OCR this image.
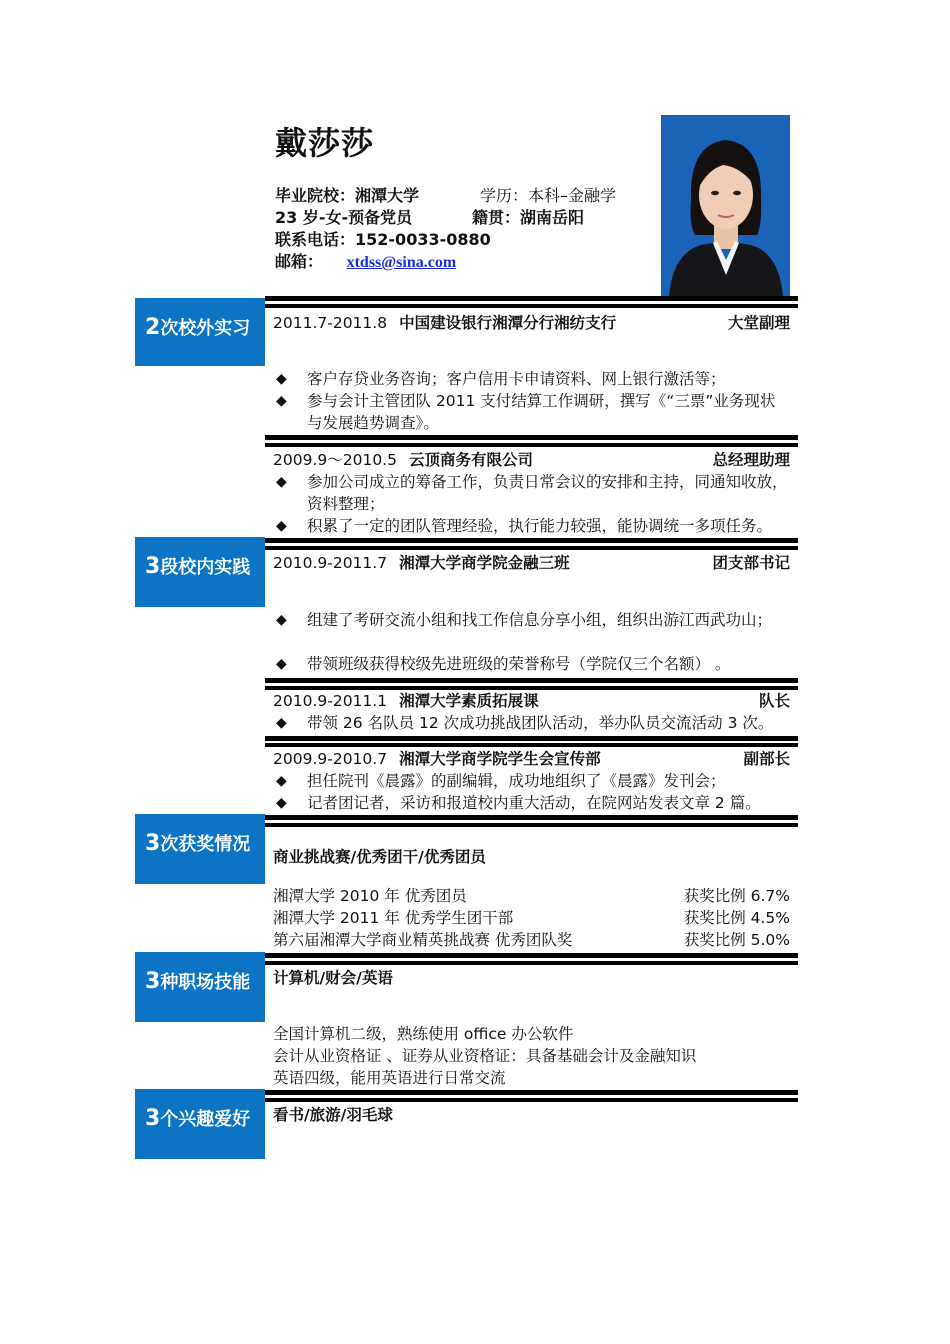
戴莎莎
毕业院校：湘潭大学	学历：本科–金融学
23 岁-女-预备党员	籍贯：湖南岳阳
联系电话：152-0033-0880
邮箱： xtdss@sina.com
2次校外实习	2011.7-2011.8 中国建设银行湘潭分行湘纺支行	大堂副理
◆	客户存贷业务咨询；客户信用卡申请资料、网上银行激活等；
◆	参与会计主管团队 2011 支付结算工作调研，撰写《“三票”业务现状与发展趋势调查》。
2009.9～2010.5 云顶商务有限公司	总经理助理
◆	参加公司成立的筹备工作，负责日常会议的安排和主持，同通知收放，资料整理；
◆	积累了一定的团队管理经验，执行能力较强，能协调统一多项任务。
3段校内实践	2010.9-2011.7 湘潭大学商学院金融三班	团支部书记
◆	组建了考研交流小组和找工作信息分享小组，组织出游江西武功山；
◆	带领班级获得校级先进班级的荣誉称号（学院仅三个名额） 。
2010.9-2011.1 湘潭大学素质拓展课	队长
◆	带领 26 名队员 12 次成功挑战团队活动，举办队员交流活动 3 次。
2009.9-2010.7 湘潭大学商学院学生会宣传部	副部长
◆	担任院刊《晨露》的副编辑，成功地组织了《晨露》发刊会；
◆	记者团记者，采访和报道校内重大活动，在院网站发表文章 2 篇。
3次获奖情况
商业挑战赛/优秀团干/优秀团员
湘潭大学 2010 年 优秀团员	获奖比例 6.7%
湘潭大学 2011 年 优秀学生团干部	获奖比例 4.5%
第六届湘潭大学商业精英挑战赛 优秀团队奖	获奖比例 5.0%
3种职场技能	计算机/财会/英语
全国计算机二级，熟练使用 office 办公软件
会计从业资格证 、证券从业资格证：具备基础会计及金融知识
英语四级，能用英语进行日常交流
3个兴趣爱好	看书/旅游/羽毛球
